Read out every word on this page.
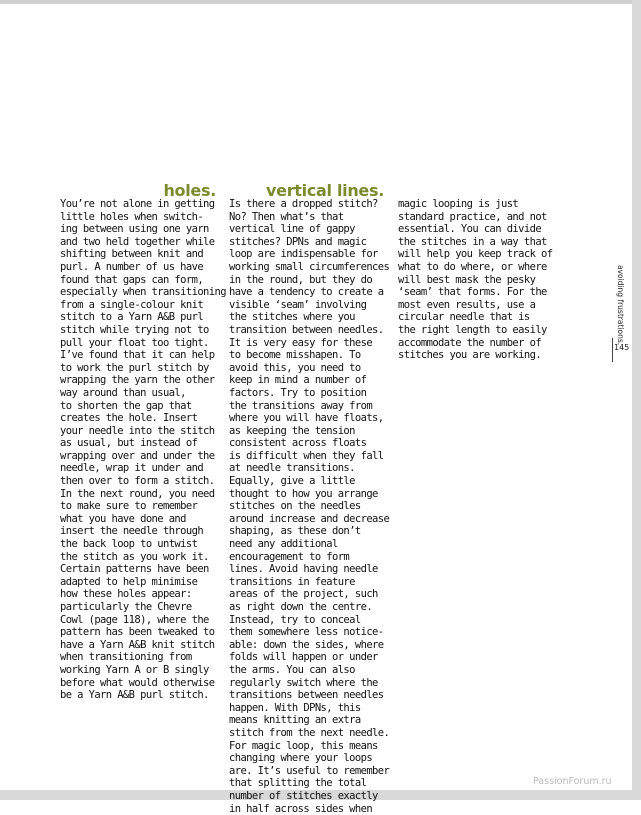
holes.	vertical lines.
You’re not alone in getting
little holes when switch-
ing between using one yarn
and two held together while
shifting between knit and
purl. A number of us have
found that gaps can form,
especially when transitioning
from a single-colour knit
stitch to a Yarn A&B purl
stitch while trying not to
pull your float too tight.
I’ve found that it can help
to work the purl stitch by
wrapping the yarn the other
way around than usual,
to shorten the gap that
creates the hole. Insert
your needle into the stitch
as usual, but instead of
wrapping over and under the
needle, wrap it under and
then over to form a stitch.
In the next round, you need
to make sure to remember
what you have done and
insert the needle through
the back loop to untwist
the stitch as you work it.
Certain patterns have been
adapted to help minimise
how these holes appear:
particularly the Chevre
Cowl (page 118), where the
pattern has been tweaked to
have a Yarn A&B knit stitch
when transitioning from
working Yarn A or B singly
before what would otherwise
be a Yarn A&B purl stitch.
Is there a dropped stitch?
No? Then what’s that
vertical line of gappy
stitches? DPNs and magic
loop are indispensable for
working small circumferences
in the round, but they do
have a tendency to create a
visible ‘seam’ involving
the stitches where you
transition between needles.
It is very easy for these
to become misshapen. To
avoid this, you need to
keep in mind a number of
factors. Try to position
the transitions away from
where you will have floats,
as keeping the tension
consistent across floats
is difficult when they fall
at needle transitions.
Equally, give a little
thought to how you arrange
stitches on the needles
around increase and decrease
shaping, as these don’t
need any additional
encouragement to form
lines. Avoid having needle
transitions in feature
areas of the project, such
as right down the centre.
Instead, try to conceal
them somewhere less notice-
able: down the sides, where
folds will happen or under
the arms. You can also
regularly switch where the
transitions between needles
happen. With DPNs, this
means knitting an extra
stitch from the next needle.
For magic loop, this means
changing where your loops
are. It’s useful to remember
that splitting the total
number of stitches exactly
in half across sides when
magic looping is just
standard practice, and not
essential. You can divide
the stitches in a way that
will help you keep track of
what to do where, or where
will best mask the pesky
‘seam’ that forms. For the
most even results, use a
circular needle that is
the right length to easily
accommodate the number of
stitches you are working.
avoiding frustrations.
145
PassionForum.ru
